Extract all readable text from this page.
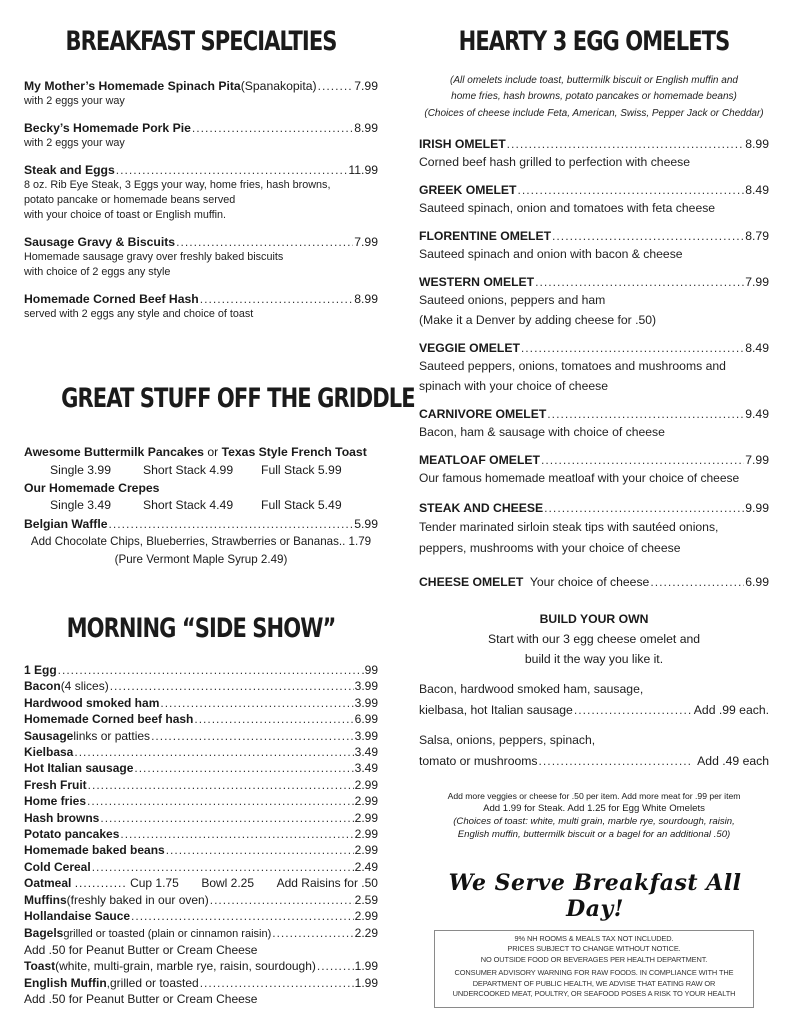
BREAKFAST SPECIALTIES
My Mother’s Homemade Spinach Pita (Spanakopita) .....	7.99
with 2 eggs your way
Becky’s Homemade Pork Pie .....	8.99
with 2 eggs your way
Steak and Eggs .....	11.99
8 oz. Rib Eye Steak, 3 Eggs your way, home fries, hash browns,
potato pancake or homemade beans served
with your choice of toast or English muffin.
Sausage Gravy & Biscuits .....	7.99
Homemade sausage gravy over freshly baked biscuits
with choice of 2 eggs any style
Homemade Corned Beef Hash .....	8.99
served with 2 eggs any style and choice of toast
GREAT STUFF OFF THE GRIDDLE
Awesome Buttermilk Pancakes or Texas Style French Toast
Single 3.99	Short Stack 4.99	Full Stack 5.99
Our Homemade Crepes
Single 3.49	Short Stack 4.49	Full Stack 5.49
Belgian Waffle .....	5.99
Add Chocolate Chips, Blueberries, Strawberries or Bananas.. 1.79
(Pure Vermont Maple Syrup 2.49)
MORNING “SIDE SHOW”
1 Egg .....	.99
Bacon (4 slices) .....	3.99
Hardwood smoked ham .....	3.99
Homemade Corned beef hash .....	6.99
Sausage links or patties .....	3.99
Kielbasa .....	3.49
Hot Italian sausage .....	3.49
Fresh Fruit .....	2.99
Home fries .....	2.99
Hash browns .....	2.99
Potato pancakes .....	2.99
Homemade baked beans .....	2.99
Cold Cereal .....	2.49
Oatmeal ............ Cup 1.75 Bowl 2.25 Add Raisins for .50
Muffins (freshly baked in our oven) .....	2.59
Hollandaise Sauce .....	2.99
Bagels grilled or toasted (plain or cinnamon raisin) .....	2.29
Add .50 for Peanut Butter or Cream Cheese
Toast (white, multi-grain, marble rye, raisin, sourdough) .....	1.99
English Muffin ,grilled or toasted .....	1.99
Add .50 for Peanut Butter or Cream Cheese
HEARTY 3 EGG OMELETS
(All omelets include toast, buttermilk biscuit or English muffin and
home fries, hash browns, potato pancakes or homemade beans)
(Choices of cheese include Feta, American, Swiss, Pepper Jack or Cheddar)
IRISH OMELET .....	8.99
Corned beef hash grilled to perfection with cheese
GREEK OMELET .....	8.49
Sauteed spinach, onion and tomatoes with feta cheese
FLORENTINE OMELET .....	8.79
Sauteed spinach and onion with bacon & cheese
WESTERN OMELET .....	7.99
Sauteed onions, peppers and ham
(Make it a Denver by adding cheese for .50)
VEGGIE OMELET .....	8.49
Sauteed peppers, onions, tomatoes and mushrooms and
spinach with your choice of cheese
CARNIVORE OMELET .....	9.49
Bacon, ham & sausage with choice of cheese
MEATLOAF OMELET .....	7.99
Our famous homemade meatloaf with your choice of cheese
STEAK AND CHEESE .....	9.99
Tender marinated sirloin steak tips with sautéed onions,
peppers, mushrooms with your choice of cheese
CHEESE OMELET Your choice of cheese .....	6.99
BUILD YOUR OWN
Start with our 3 egg cheese omelet and
build it the way you like it.
Bacon, hardwood smoked ham, sausage,
kielbasa, hot Italian sausage .....	Add .99 each.
Salsa, onions, peppers, spinach,
tomato or mushrooms .....	Add .49 each
Add more veggies or cheese for .50 per item. Add more meat for .99 per item
Add 1.99 for Steak. Add 1.25 for Egg White Omelets
(Choices of toast: white, multi grain, marble rye, sourdough, raisin,
English muffin, buttermilk biscuit or a bagel for an additional .50)
We Serve Breakfast All Day!
9% NH ROOMS & MEALS TAX NOT INCLUDED.
PRICES SUBJECT TO CHANGE WITHOUT NOTICE.
NO OUTSIDE FOOD OR BEVERAGES PER HEALTH DEPARTMENT.
CONSUMER ADVISORY WARNING FOR RAW FOODS. IN COMPLIANCE WITH THE
DEPARTMENT OF PUBLIC HEALTH, WE ADVISE THAT EATING RAW OR
UNDERCOOKED MEAT, POULTRY, OR SEAFOOD POSES A RISK TO YOUR HEALTH
